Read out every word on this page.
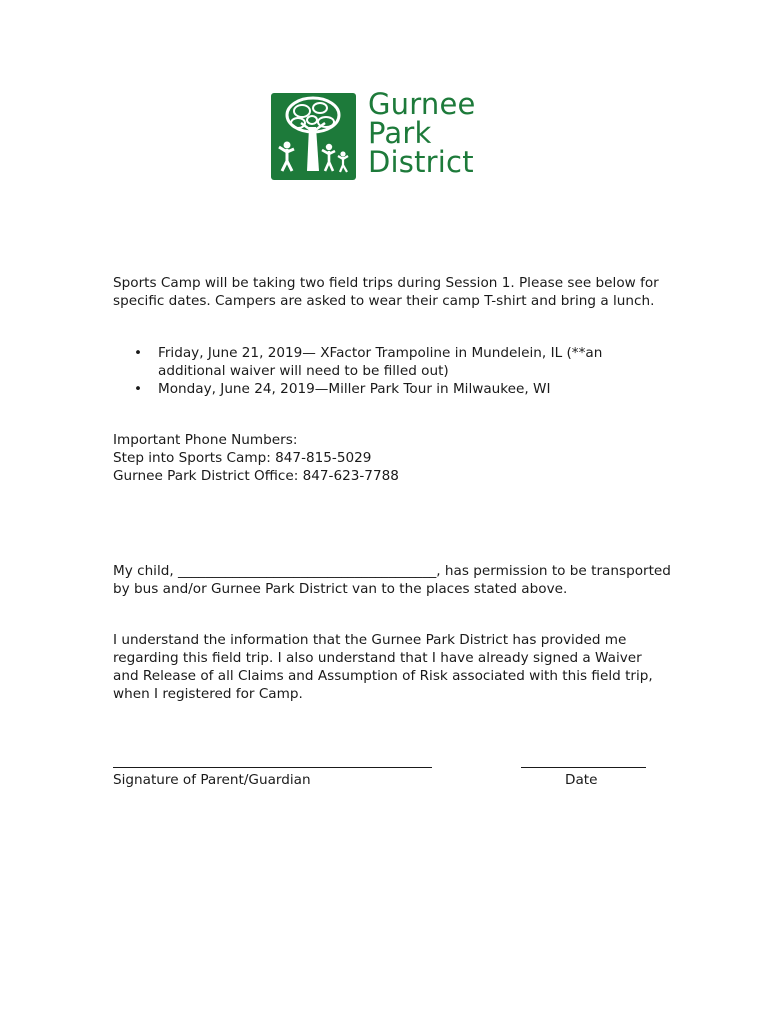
Gurnee
Park
District
Sports Camp will be taking two field trips during Session 1. Please see below for
specific dates. Campers are asked to wear their camp T-shirt and bring a lunch.
• Friday, June 21, 2019— XFactor Trampoline in Mundelein, IL (**an
additional waiver will need to be filled out)
• Monday, June 24, 2019—Miller Park Tour in Milwaukee, WI
Important Phone Numbers:
Step into Sports Camp: 847-815-5029
Gurnee Park District Office: 847-623-7788
My child, ______________________________________, has permission to be transported
by bus and/or Gurnee Park District van to the places stated above.
I understand the information that the Gurnee Park District has provided me
regarding this field trip. I also understand that I have already signed a Waiver
and Release of all Claims and Assumption of Risk associated with this field trip,
when I registered for Camp.
Signature of Parent/Guardian	Date
